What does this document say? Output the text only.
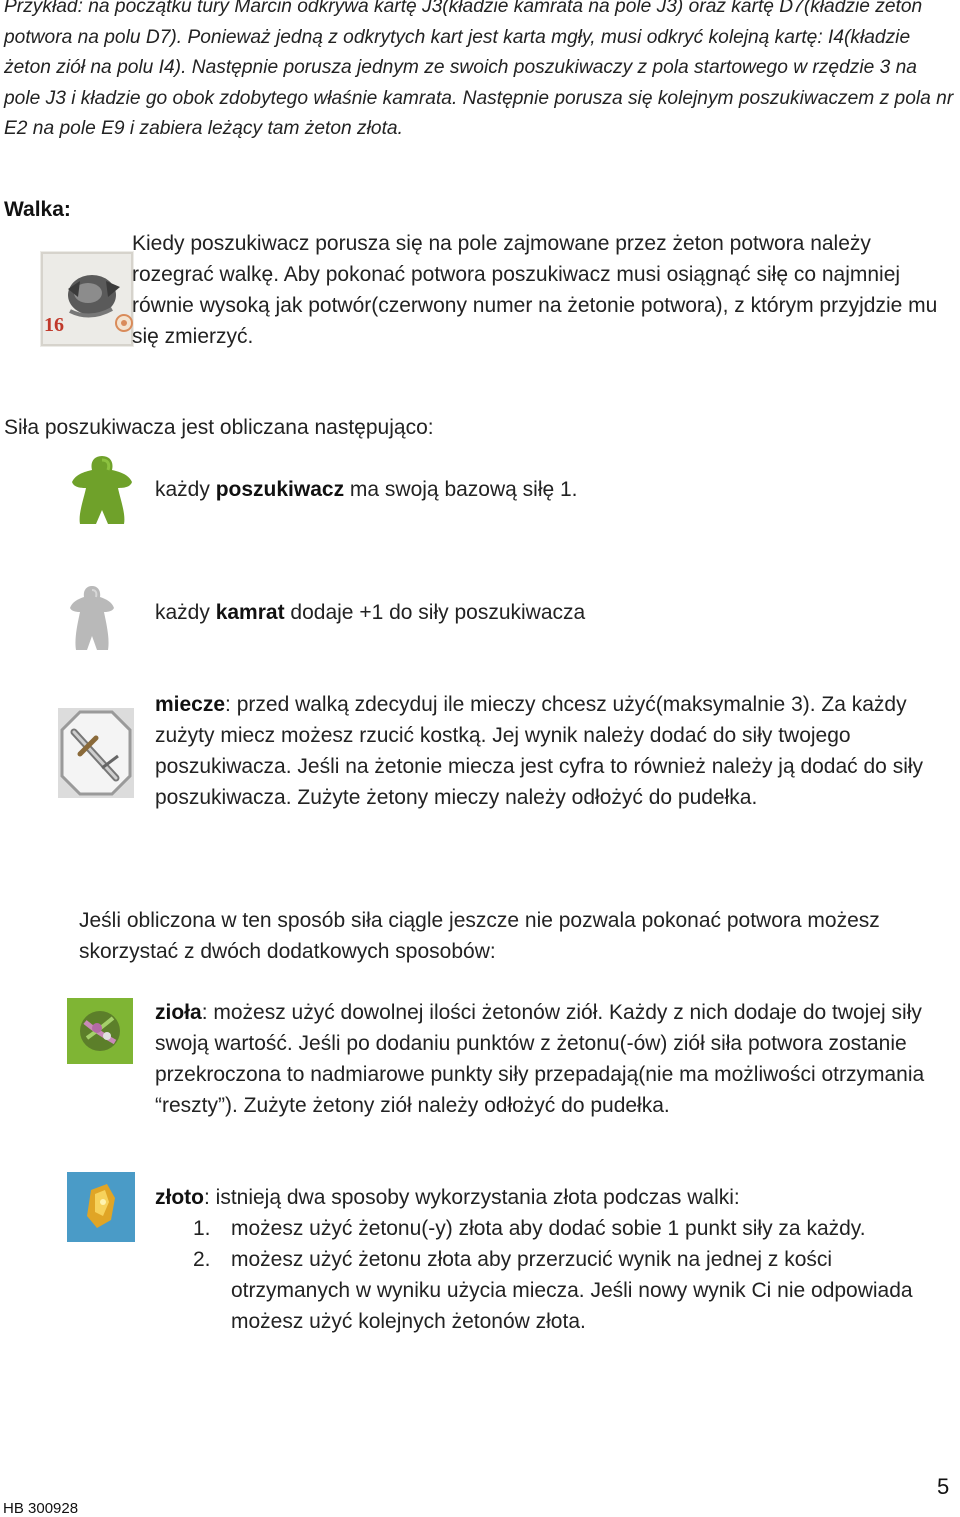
Przykład: na początku tury Marcin odkrywa kartę J3(kładzie kamrata na pole J3) oraz kartę D7(kładzie żeton potwora na polu D7). Ponieważ jedną z odkrytych kart jest karta mgły, musi odkryć kolejną kartę: I4(kładzie żeton ziół na polu I4). Następnie porusza jednym ze swoich poszukiwaczy z pola startowego w rzędzie 3 na pole J3 i kładzie go obok zdobytego właśnie kamrata. Następnie porusza się kolejnym poszukiwaczem z pola nr E2 na pole E9 i zabiera leżący tam żeton złota.
Walka:
16
Kiedy poszukiwacz porusza się na pole zajmowane przez żeton potwora należy rozegrać walkę. Aby pokonać potwora poszukiwacz musi osiągnąć siłę co najmniej równie wysoką jak potwór(czerwony numer na żetonie potwora), z którym przyjdzie mu się zmierzyć.
Siła poszukiwacza jest obliczana następująco:
każdy poszukiwacz ma swoją bazową siłę 1.
każdy kamrat dodaje +1 do siły poszukiwacza
miecze: przed walką zdecyduj ile mieczy chcesz użyć(maksymalnie 3). Za każdy zużyty miecz możesz rzucić kostką. Jej wynik należy dodać do siły twojego poszukiwacza. Jeśli na żetonie miecza jest cyfra to również należy ją dodać do siły poszukiwacza. Zużyte żetony mieczy należy odłożyć do pudełka.
Jeśli obliczona w ten sposób siła ciągle jeszcze nie pozwala pokonać potwora możesz skorzystać z dwóch dodatkowych sposobów:
zioła: możesz użyć dowolnej ilości żetonów ziół. Każdy z nich dodaje do twojej siły swoją wartość. Jeśli po dodaniu punktów z żetonu(-ów) ziół siła potwora zostanie przekroczona to nadmiarowe punkty siły przepadają(nie ma możliwości otrzymania “reszty”). Zużyte żetony ziół należy odłożyć do pudełka.
złoto: istnieją dwa sposoby wykorzystania złota podczas walki:
1. możesz użyć żetonu(-y) złota aby dodać sobie 1 punkt siły za każdy.
2. możesz użyć żetonu złota aby przerzucić wynik na jednej z kości otrzymanych w wyniku użycia miecza. Jeśli nowy wynik Ci nie odpowiada możesz użyć kolejnych żetonów złota.
HB 300928
5
